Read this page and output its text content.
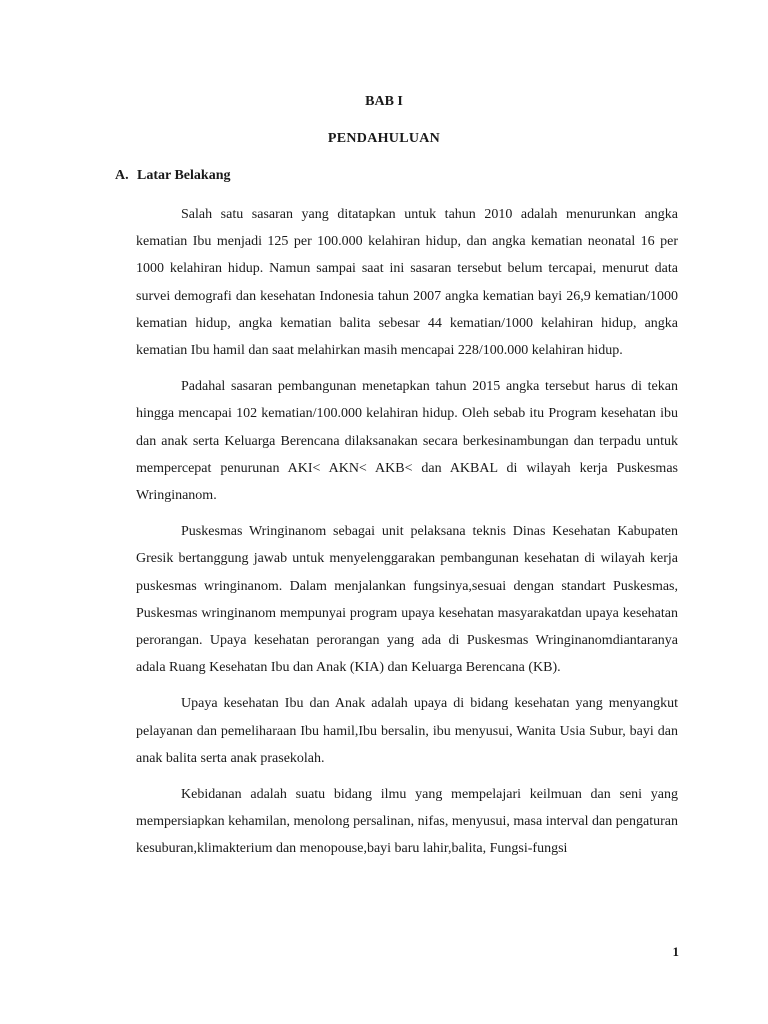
BAB I
PENDAHULUAN
A. Latar Belakang

Salah satu sasaran yang ditatapkan untuk tahun 2010 adalah menurunkan angka kematian Ibu menjadi 125 per 100.000 kelahiran hidup, dan angka kematian neonatal 16 per 1000 kelahiran hidup. Namun sampai saat ini sasaran tersebut belum tercapai, menurut data survei demografi dan kesehatan Indonesia tahun 2007 angka kematian bayi 26,9 kematian/1000 kematian hidup, angka kematian balita sebesar 44 kematian/1000 kelahiran hidup, angka kematian Ibu hamil dan saat melahirkan masih mencapai 228/100.000 kelahiran hidup.

Padahal sasaran pembangunan menetapkan tahun 2015 angka tersebut harus di tekan hingga mencapai 102 kematian/100.000 kelahiran hidup. Oleh sebab itu Program kesehatan ibu dan anak serta Keluarga Berencana dilaksanakan secara berkesinambungan dan terpadu untuk mempercepat penurunan AKI< AKN< AKB< dan AKBAL di wilayah kerja Puskesmas Wringinanom.

Puskesmas Wringinanom sebagai unit pelaksana teknis Dinas Kesehatan Kabupaten Gresik bertanggung jawab untuk menyelenggarakan pembangunan kesehatan di wilayah kerja puskesmas wringinanom. Dalam menjalankan fungsinya,sesuai dengan standart Puskesmas, Puskesmas wringinanom mempunyai program upaya kesehatan masyarakatdan upaya kesehatan perorangan. Upaya kesehatan perorangan yang ada di Puskesmas Wringinanomdiantaranya adala Ruang Kesehatan Ibu dan Anak (KIA) dan Keluarga Berencana (KB).

Upaya kesehatan Ibu dan Anak adalah upaya di bidang kesehatan yang menyangkut pelayanan dan pemeliharaan Ibu hamil,Ibu bersalin, ibu menyusui, Wanita Usia Subur, bayi dan anak balita serta anak prasekolah.

Kebidanan adalah suatu bidang ilmu yang mempelajari keilmuan dan seni yang mempersiapkan kehamilan, menolong persalinan, nifas, menyusui, masa interval dan pengaturan kesuburan,klimakterium dan menopouse,bayi baru lahir,balita, Fungsi-fungsi

1
